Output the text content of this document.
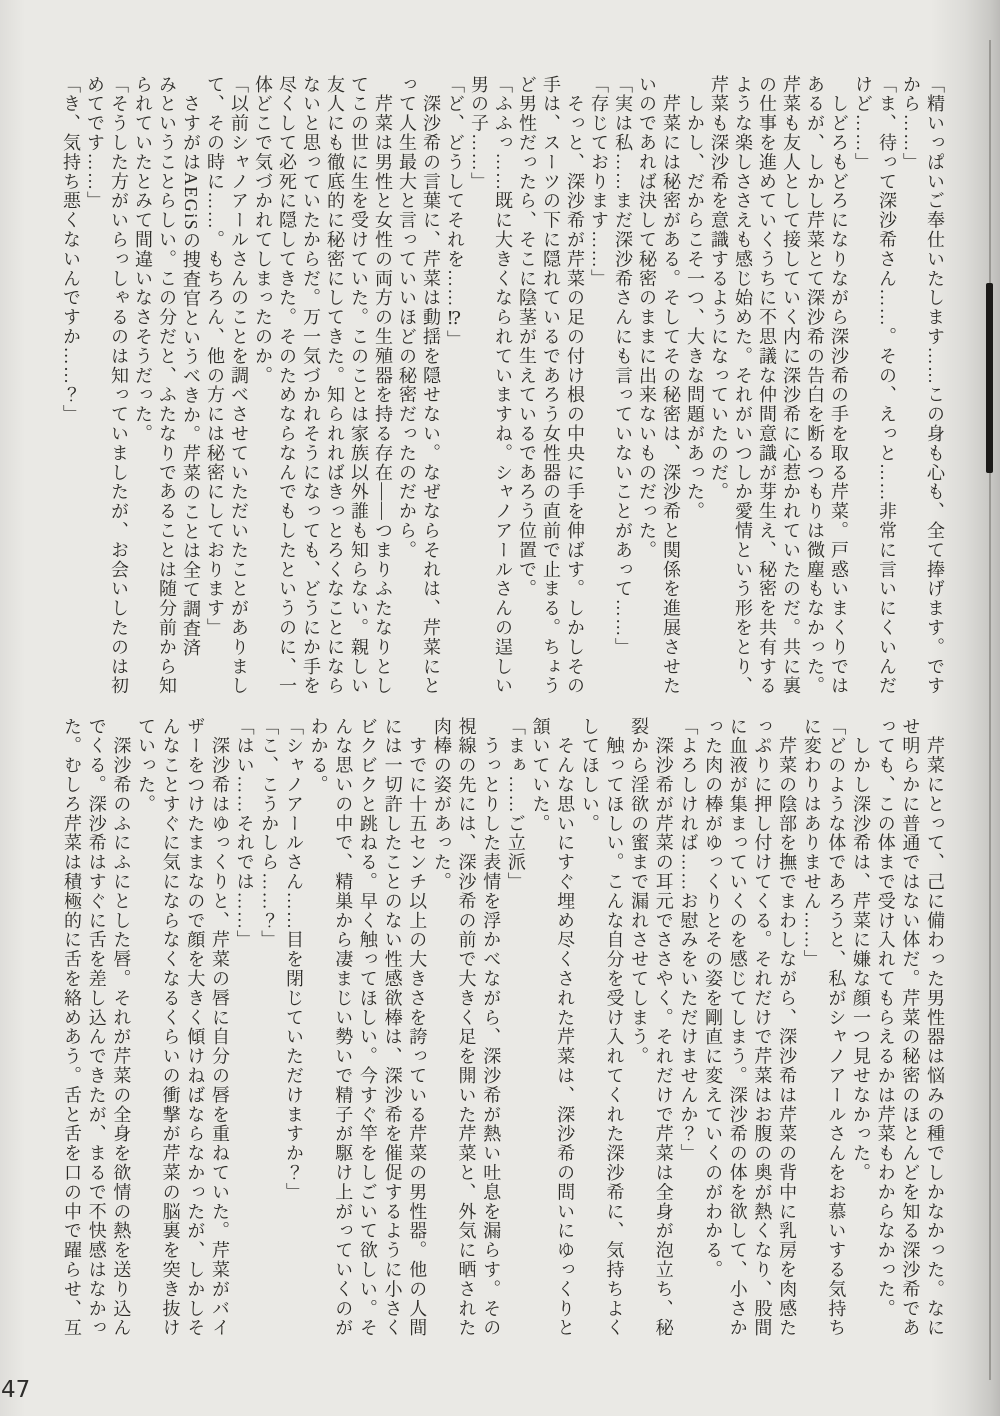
「精いっぱいご奉仕いたします……この身も心も、全て捧げます。です
から……」
「ま、待って深沙希さん……。その、えっと……非常に言いにくいんだ
けど……」
　しどろもどろになりながら深沙希の手を取る芹菜。戸惑いまくりでは
あるが、しかし芹菜とて深沙希の告白を断るつもりは微塵もなかった。
芹菜も友人として接していく内に深沙希に心惹かれていたのだ。共に裏
の仕事を進めていくうちに不思議な仲間意識が芽生え、秘密を共有する
ような楽しささえも感じ始めた。それがいつしか愛情という形をとり、
芹菜も深沙希を意識するようになっていたのだ。
　しかし、だからこそ一つ、大きな問題があった。
　芹菜には秘密がある。そしてその秘密は、深沙希と関係を進展させた
いのであれば決して秘密のままに出来ないものだった。
「実は私……まだ深沙希さんにも言っていないことがあって……」
「存じております……」
　そっと、深沙希が芹菜の足の付け根の中央に手を伸ばす。しかしその
手は、スーツの下に隠れているであろう女性器の直前で止まる。ちょう
ど男性だったら、そこに陰茎が生えているであろう位置で。
「ふふっ……既に大きくなられていますね。シャノアールさんの逞しい
男の子……」
「ど、どうしてそれを……⁉」
　深沙希の言葉に、芹菜は動揺を隠せない。なぜならそれは、芹菜にと
って人生最大と言っていいほどの秘密だったのだから。
　芹菜は男性と女性の両方の生殖器を持る存在――つまりふたなりとし
てこの世に生を受けていた。このことは家族以外誰も知らない。親しい
友人にも徹底的に秘密にしてきた。知られればきっとろくなことになら
ないと思っていたからだ。万一気づかれそうになっても、どうにか手を
尽くして必死に隠してきた。そのためならなんでもしたというのに、一
体どこで気づかれてしまったのか。
「以前シャノアールさんのことを調べさせていただいたことがありまし
て、その時に……。もちろん、他の方には秘密にしております」
　さすがはAEGiSの捜査官というべきか。芹菜のことは全て調査済
みということらしい。この分だと、ふたなりであることは随分前から知
られていたとみて間違いなさそうだった。
「そうした方がいらっしゃるのは知っていましたが、お会いしたのは初
めてです……」
「き、気持ち悪くないんですか……？」
　芹菜にとって、己に備わった男性器は悩みの種でしかなかった。なに
せ明らかに普通ではない体だ。芹菜の秘密のほとんどを知る深沙希であ
っても、この体まで受け入れてもらえるかは芹菜もわからなかった。
　しかし深沙希は、芹菜に嫌な顔一つ見せなかった。
「どのような体であろうと、私がシャノアールさんをお慕いする気持ち
に変わりはありません……」
　芹菜の陰部を撫でまわしながら、深沙希は芹菜の背中に乳房を肉感た
っぷりに押し付けてくる。それだけで芹菜はお腹の奥が熱くなり、股間
に血液が集まっていくのを感じてしまう。深沙希の体を欲して、小さか
った肉の棒がゆっくりとその姿を剛直に変えていくのがわかる。
「よろしければ……お慰みをいただけませんか？」
　深沙希が芹菜の耳元でささやく。それだけで芹菜は全身が泡立ち、秘
裂から淫欲の蜜まで漏れさせてしまう。
　触ってほしい。こんな自分を受け入れてくれた深沙希に、気持ちよく
してほしい。
　そんな思いにすぐ埋め尽くされた芹菜は、深沙希の問いにゆっくりと
頷いていた。
「まぁ……ご立派」
　うっとりした表情を浮かべながら、深沙希が熱い吐息を漏らす。その
視線の先には、深沙希の前で大きく足を開いた芹菜と、外気に晒された
肉棒の姿があった。
　すでに十五センチ以上の大きさを誇っている芹菜の男性器。他の人間
には一切許したことのない性感欲棒は、深沙希を催促するように小さく
ビクビクと跳ねる。早く触ってほしい。今すぐ竿をしごいて欲しい。そ
んな思いの中で、精巣から凄まじい勢いで精子が駆け上がっていくのが
わかる。
「シャノアールさん……目を閉じていただけますか？」
「こ、こうかしら……？」
「はい……それでは……」
　深沙希はゆっくりと、芹菜の唇に自分の唇を重ねていた。芹菜がバイ
ザーをつけたままなので顔を大きく傾けねばならなかったが、しかしそ
んなことすぐに気にならなくなるくらいの衝撃が芹菜の脳裏を突き抜け
ていった。
　深沙希のふにふにとした唇。それが芹菜の全身を欲情の熱を送り込ん
でくる。深沙希はすぐに舌を差し込んできたが、まるで不快感はなかっ
た。むしろ芹菜は積極的に舌を絡めあう。舌と舌を口の中で躍らせ、互
47
